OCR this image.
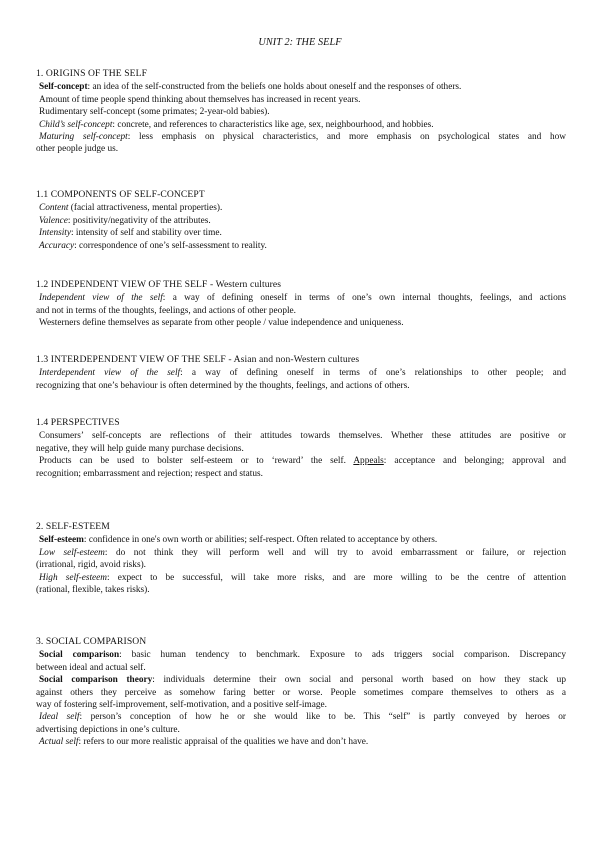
UNIT 2: THE SELF

1. ORIGINS OF THE SELF

Self-concept: an idea of the self-constructed from the beliefs one holds about oneself and the responses of others.

Amount of time people spend thinking about themselves has increased in recent years.

Rudimentary self-concept (some primates; 2-year-old babies).

Child’s self-concept: concrete, and references to characteristics like age, sex, neighbourhood, and hobbies.

Maturing self-concept: less emphasis on physical characteristics, and more emphasis on psychological states and how

other people judge us.

1.1 COMPONENTS OF SELF-CONCEPT

Content (facial attractiveness, mental properties).

Valence: positivity/negativity of the attributes.

Intensity: intensity of self and stability over time.

Accuracy: correspondence of one’s self-assessment to reality.

1.2 INDEPENDENT VIEW OF THE SELF - Western cultures

Independent view of the self: a way of defining oneself in terms of one’s own internal thoughts, feelings, and actions

and not in terms of the thoughts, feelings, and actions of other people.

Westerners define themselves as separate from other people / value independence and uniqueness.

1.3 INTERDEPENDENT VIEW OF THE SELF - Asian and non-Western cultures

Interdependent view of the self: a way of defining oneself in terms of one’s relationships to other people; and

recognizing that one’s behaviour is often determined by the thoughts, feelings, and actions of others.

1.4 PERSPECTIVES

Consumers’ self-concepts are reflections of their attitudes towards themselves. Whether these attitudes are positive or

negative, they will help guide many purchase decisions.

Products can be used to bolster self-esteem or to ‘reward’ the self. Appeals: acceptance and belonging; approval and

recognition; embarrassment and rejection; respect and status.

2. SELF-ESTEEM

Self-esteem: confidence in one's own worth or abilities; self-respect. Often related to acceptance by others.

Low self-esteem: do not think they will perform well and will try to avoid embarrassment or failure, or rejection

(irrational, rigid, avoid risks).

High self-esteem: expect to be successful, will take more risks, and are more willing to be the centre of attention

(rational, flexible, takes risks).

3. SOCIAL COMPARISON

Social comparison: basic human tendency to benchmark. Exposure to ads triggers social comparison. Discrepancy

between ideal and actual self.

Social comparison theory: individuals determine their own social and personal worth based on how they stack up

against others they perceive as somehow faring better or worse. People sometimes compare themselves to others as a

way of fostering self-improvement, self-motivation, and a positive self-image.

Ideal self: person’s conception of how he or she would like to be. This “self” is partly conveyed by heroes or

advertising depictions in one’s culture.

Actual self: refers to our more realistic appraisal of the qualities we have and don’t have.
